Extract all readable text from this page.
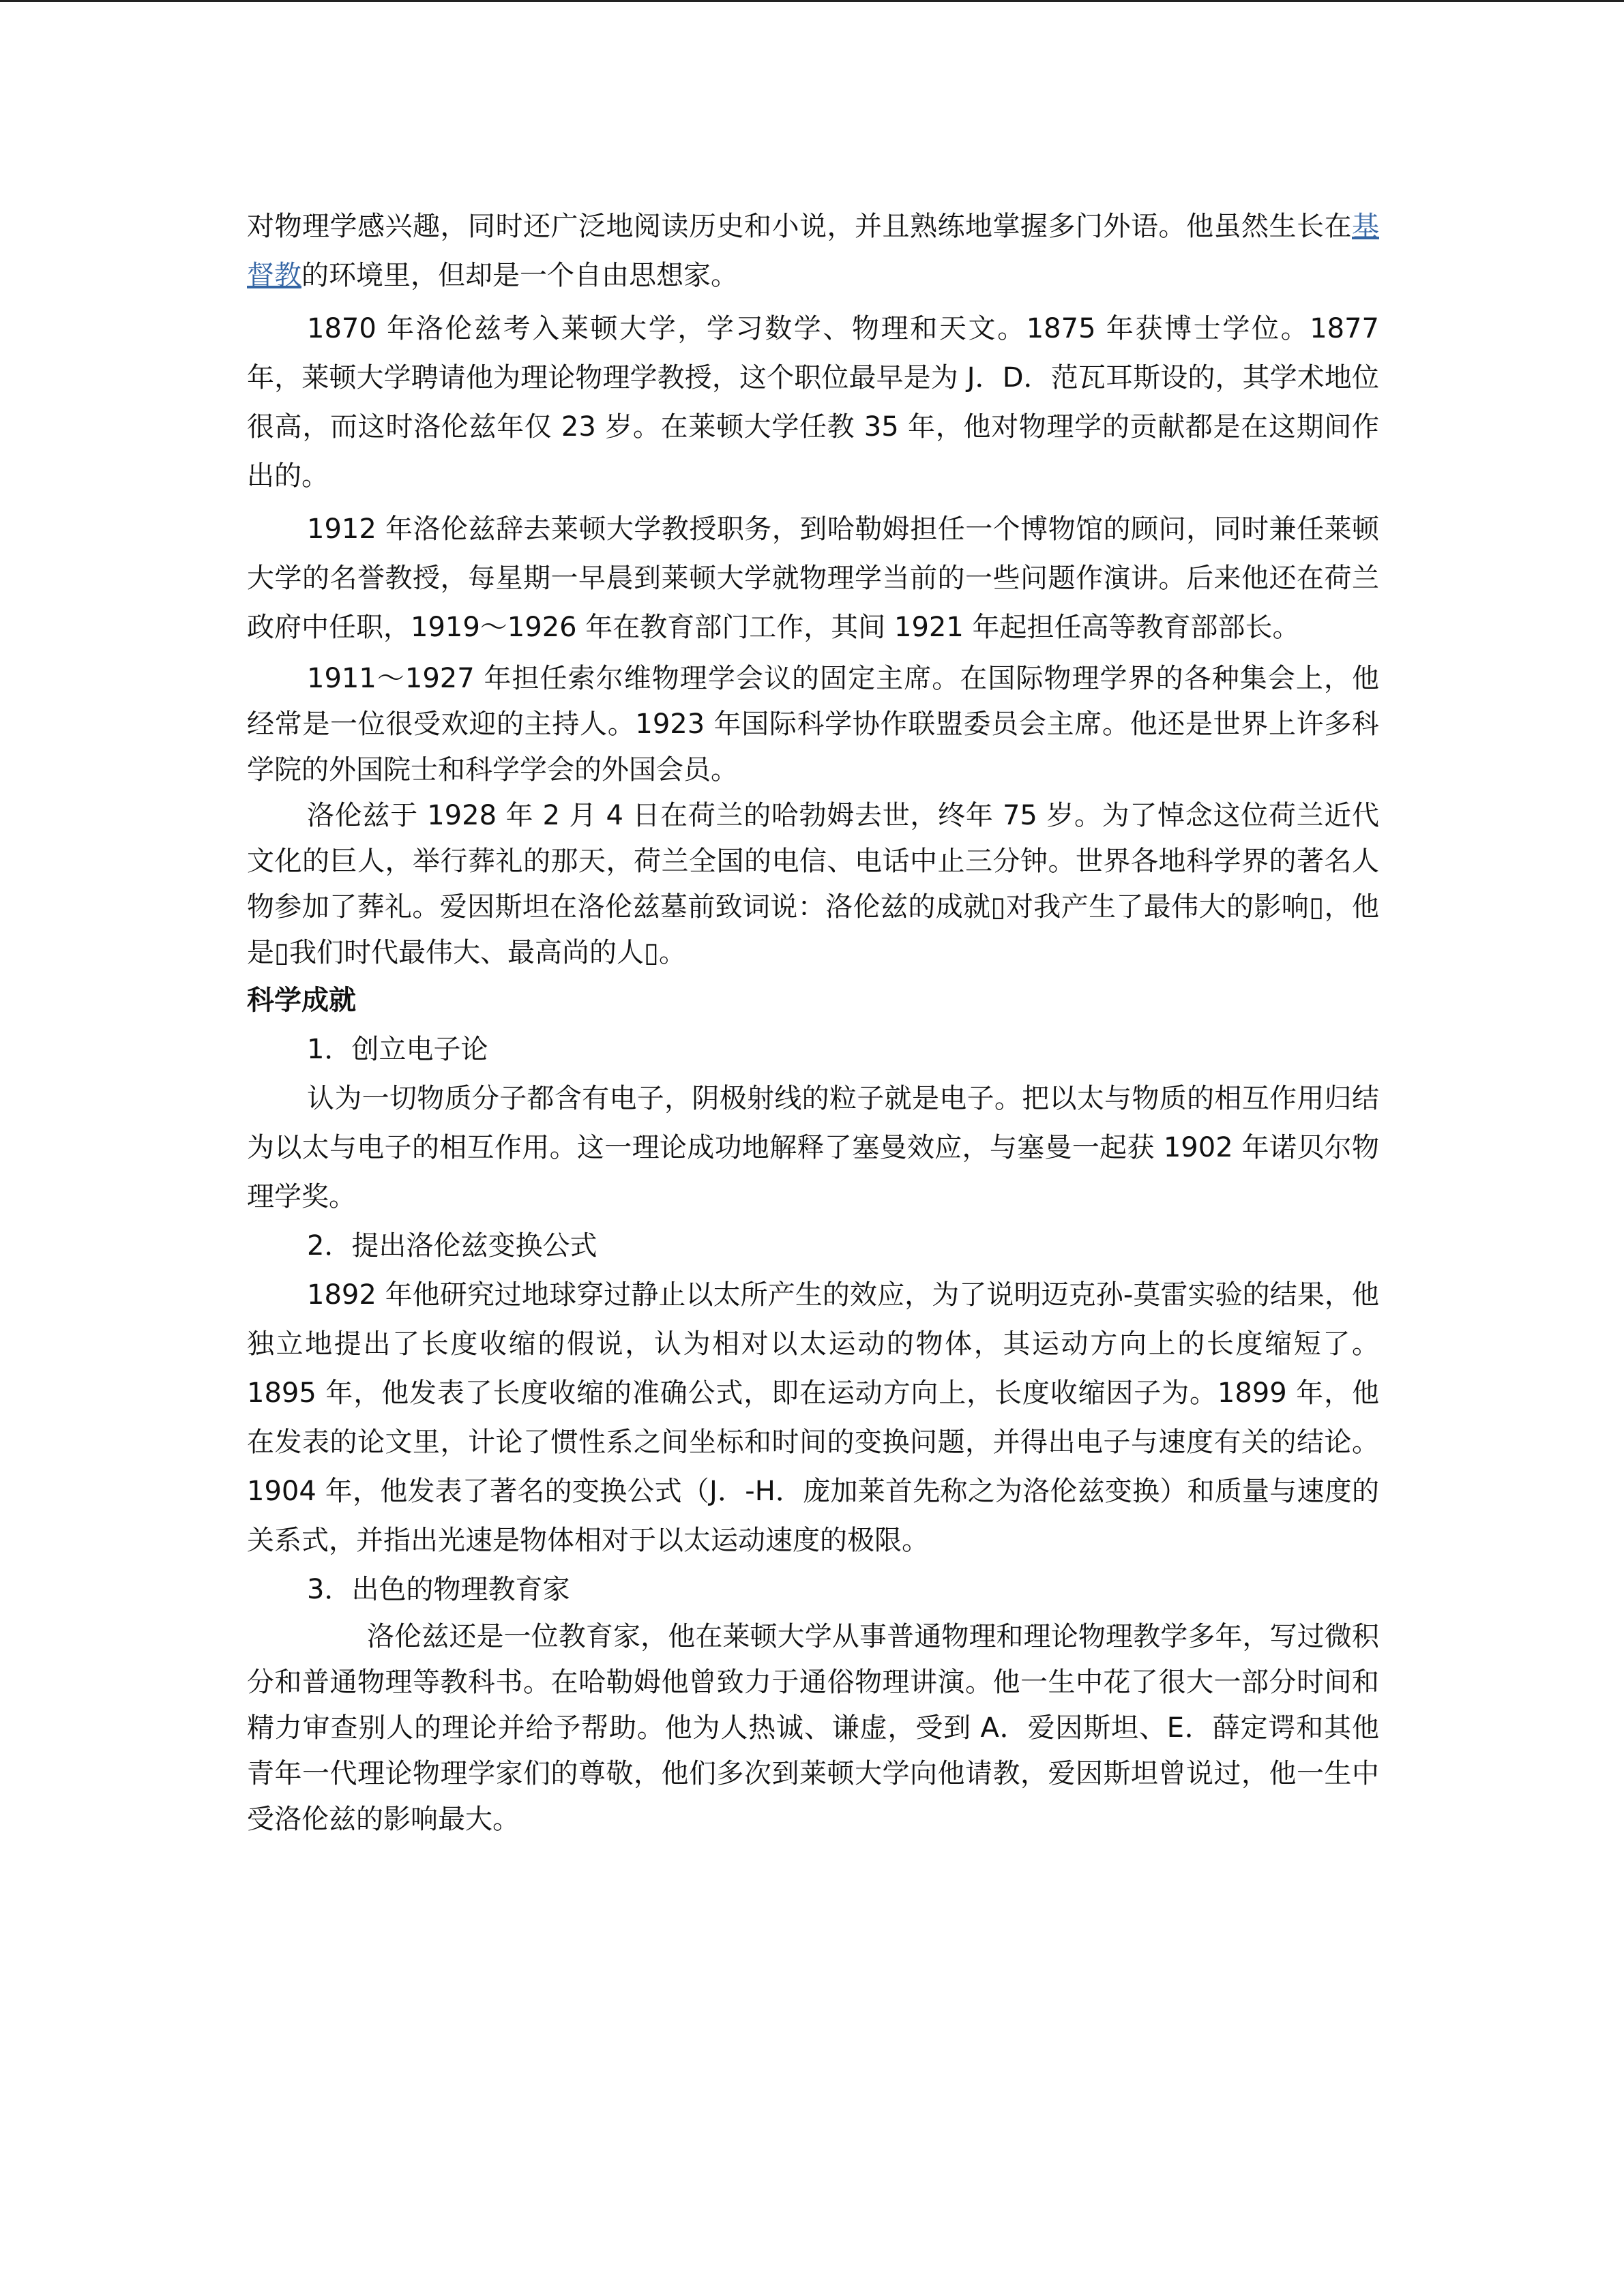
对物理学感兴趣，同时还广泛地阅读历史和小说，并且熟练地掌握多门外语。他虽然生长在基督教的环境里，但却是一个自由思想家。

1870 年洛伦兹考入莱顿大学，学习数学、物理和天文。1875 年获博士学位。1877 年，莱顿大学聘请他为理论物理学教授，这个职位最早是为 J．D．范瓦耳斯设的，其学术地位很高，而这时洛伦兹年仅 23 岁。在莱顿大学任教 35 年，他对物理学的贡献都是在这期间作出的。

1912 年洛伦兹辞去莱顿大学教授职务，到哈勒姆担任一个博物馆的顾问，同时兼任莱顿大学的名誉教授，每星期一早晨到莱顿大学就物理学当前的一些问题作演讲。后来他还在荷兰政府中任职，1919～1926 年在教育部门工作，其间 1921 年起担任高等教育部部长。

1911～1927 年担任索尔维物理学会议的固定主席。在国际物理学界的各种集会上，他经常是一位很受欢迎的主持人。1923 年国际科学协作联盟委员会主席。他还是世界上许多科学院的外国院士和科学学会的外国会员。

洛伦兹于 1928 年 2 月 4 日在荷兰的哈勃姆去世，终年 75 岁。为了悼念这位荷兰近代文化的巨人，举行葬礼的那天，荷兰全国的电信、电话中止三分钟。世界各地科学界的著名人物参加了葬礼。爱因斯坦在洛伦兹墓前致词说：洛伦兹的成就▯对我产生了最伟大的影响▯，他是▯我们时代最伟大、最高尚的人▯。

科学成就

1．创立电子论

认为一切物质分子都含有电子，阴极射线的粒子就是电子。把以太与物质的相互作用归结为以太与电子的相互作用。这一理论成功地解释了塞曼效应，与塞曼一起获 1902 年诺贝尔物理学奖。

2．提出洛伦兹变换公式

1892 年他研究过地球穿过静止以太所产生的效应，为了说明迈克孙-莫雷实验的结果，他独立地提出了长度收缩的假说，认为相对以太运动的物体，其运动方向上的长度缩短了。1895 年，他发表了长度收缩的准确公式，即在运动方向上，长度收缩因子为。1899 年，他在发表的论文里，计论了惯性系之间坐标和时间的变换问题，并得出电子与速度有关的结论。1904 年，他发表了著名的变换公式（J．-H．庞加莱首先称之为洛伦兹变换）和质量与速度的关系式，并指出光速是物体相对于以太运动速度的极限。

3．出色的物理教育家

洛伦兹还是一位教育家，他在莱顿大学从事普通物理和理论物理教学多年，写过微积分和普通物理等教科书。在哈勒姆他曾致力于通俗物理讲演。他一生中花了很大一部分时间和精力审查别人的理论并给予帮助。他为人热诚、谦虚，受到 A．爱因斯坦、E．薛定谔和其他青年一代理论物理学家们的尊敬，他们多次到莱顿大学向他请教，爱因斯坦曾说过，他一生中受洛伦兹的影响最大。
